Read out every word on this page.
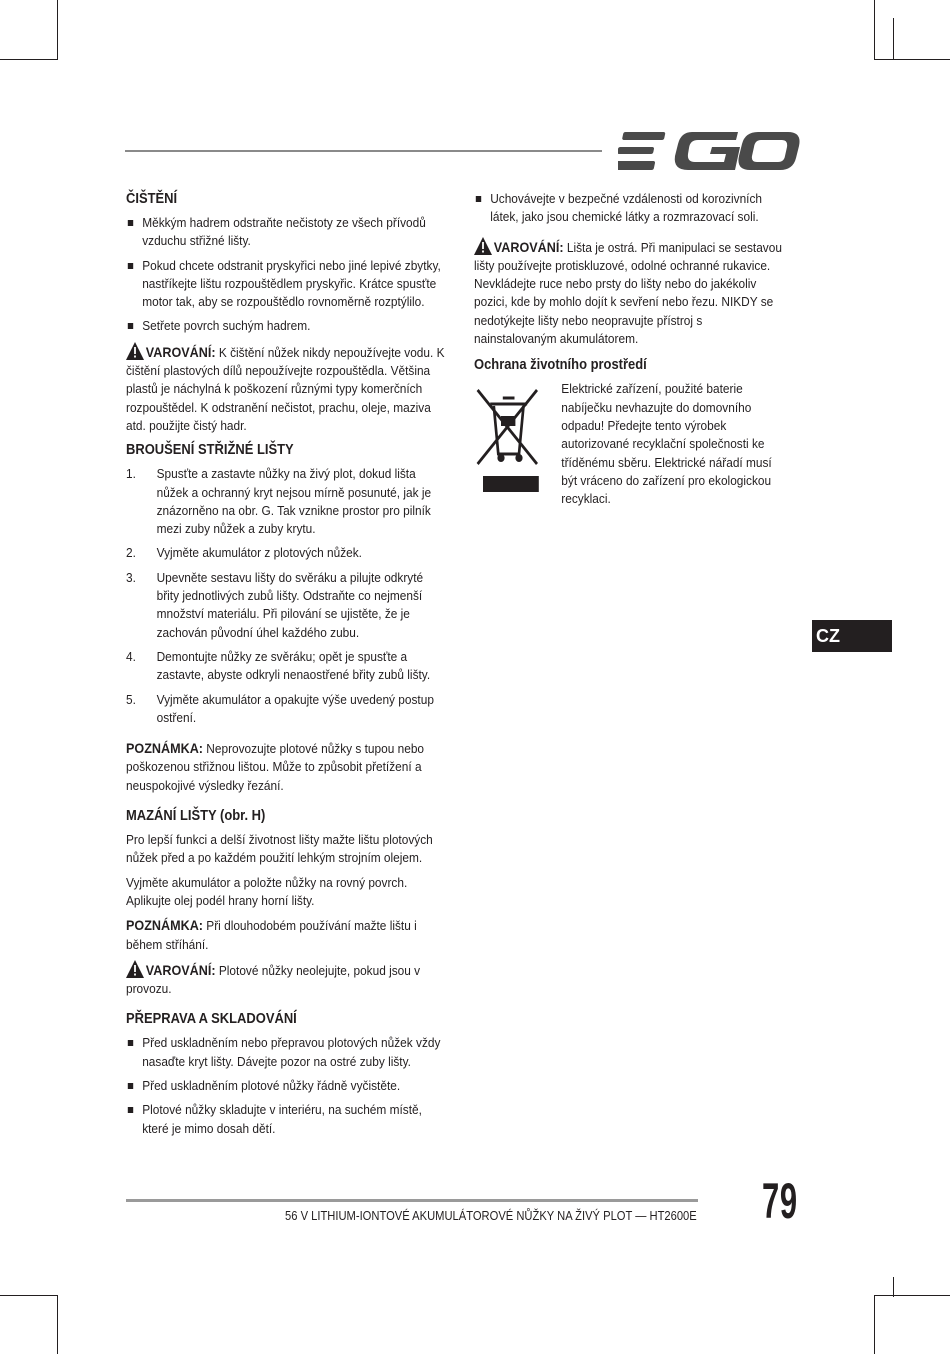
ČIŠTĚNÍ
Měkkým hadrem odstraňte nečistoty ze všech přívodů vzduchu střižné lišty.
Pokud chcete odstranit pryskyřici nebo jiné lepivé zbytky, nastříkejte lištu rozpouštědlem pryskyřic. Krátce spusťte motor tak, aby se rozpouštědlo rovnoměrně rozptýlilo.
Setřete povrch suchým hadrem.

VAROVÁNÍ: K čištění nůžek nikdy nepoužívejte vodu. K čištění plastových dílů nepoužívejte rozpouštědla. Většina plastů je náchylná k poškození různými typy komerčních rozpouštědel. K odstranění nečistot, prachu, oleje, maziva atd. použijte čistý hadr.

BROUŠENÍ STŘIŽNÉ LIŠTY
1. Spusťte a zastavte nůžky na živý plot, dokud lišta nůžek a ochranný kryt nejsou mírně posunuté, jak je znázorněno na obr. G. Tak vznikne prostor pro pilník mezi zuby nůžek a zuby krytu.
2. Vyjměte akumulátor z plotových nůžek.
3. Upevněte sestavu lišty do svěráku a pilujte odkryté břity jednotlivých zubů lišty. Odstraňte co nejmenší množství materiálu. Při pilování se ujistěte, že je zachován původní úhel každého zubu.
4. Demontujte nůžky ze svěráku; opět je spusťte a zastavte, abyste odkryli nenaostřené břity zubů lišty.
5. Vyjměte akumulátor a opakujte výše uvedený postup ostření.

POZNÁMKA: Neprovozujte plotové nůžky s tupou nebo poškozenou střižnou lištou. Může to způsobit přetížení a neuspokojivé výsledky řezání.

MAZÁNÍ LIŠTY (obr. H)

Pro lepší funkci a delší životnost lišty mažte lištu plotových nůžek před a po každém použití lehkým strojním olejem.

Vyjměte akumulátor a položte nůžky na rovný povrch. Aplikujte olej podél hrany horní lišty.

POZNÁMKA: Při dlouhodobém používání mažte lištu i během stříhání.

VAROVÁNÍ: Plotové nůžky neolejujte, pokud jsou v provozu.

PŘEPRAVA A SKLADOVÁNÍ
Před uskladněním nebo přepravou plotových nůžek vždy nasaďte kryt lišty. Dávejte pozor na ostré zuby lišty.
Před uskladněním plotové nůžky řádně vyčistěte.
Plotové nůžky skladujte v interiéru, na suchém místě, které je mimo dosah dětí.
Uchovávejte v bezpečné vzdálenosti od korozivních látek, jako jsou chemické látky a rozmrazovací soli.

VAROVÁNÍ: Lišta je ostrá. Při manipulaci se sestavou lišty používejte protiskluzové, odolné ochranné rukavice. Nevkládejte ruce nebo prsty do lišty nebo do jakékoliv pozici, kde by mohlo dojít k sevření nebo řezu. NIKDY se nedotýkejte lišty nebo neopravujte přístroj s nainstalovaným akumulátorem.

Ochrana životního prostředí

Elektrické zařízení, použité baterie nabíječku nevhazujte do domovního odpadu! Předejte tento výrobek autorizované recyklační společnosti ke tříděnému sběru. Elektrické nářadí musí být vráceno do zařízení pro ekologickou recyklaci.

CZ
56 V LITHIUM-IONTOVÉ AKUMULÁTOROVÉ NŮŽKY NA ŽIVÝ PLOT — HT2600E 79
